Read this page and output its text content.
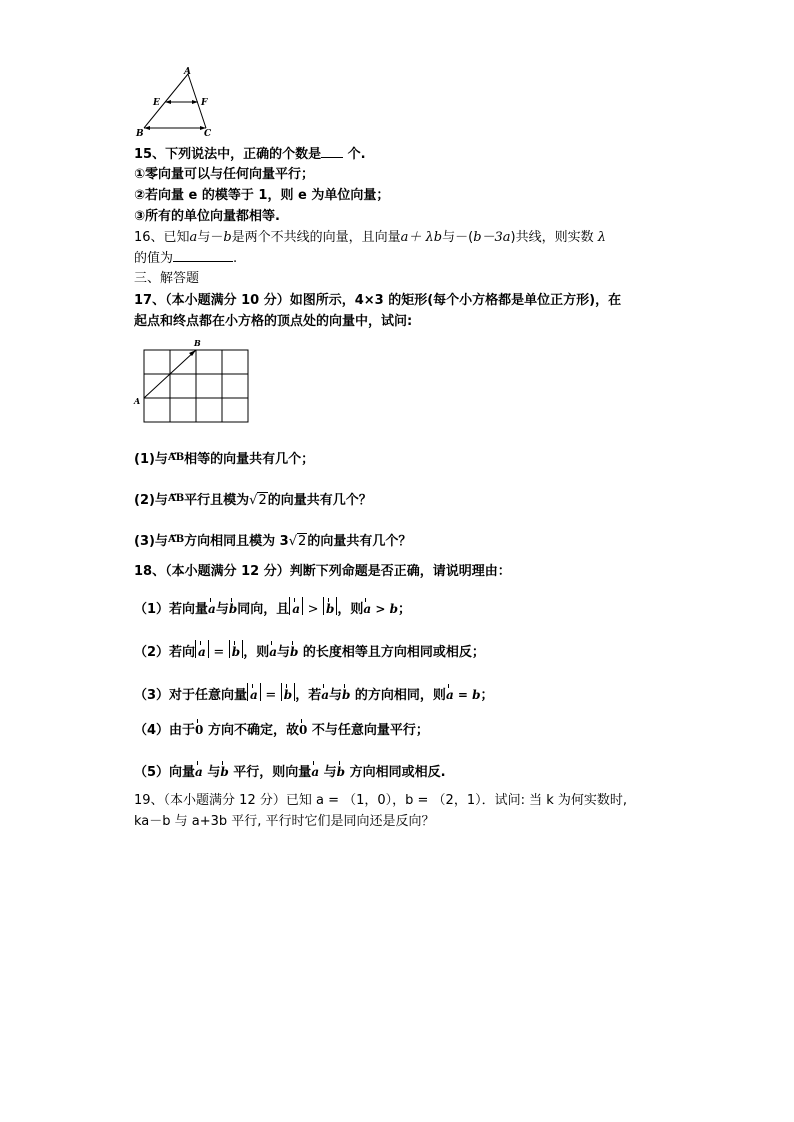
A
E	F
B	C
15、下列说法中，正确的个数是 个.
①零向量可以与任何向量平行；
②若向量 e 的模等于 1，则 e 为单位向量；
③所有的单位向量都相等.
16、已知a与－b是两个不共线的向量，且向量a＋ λb与－(b－3a)共线，则实数 λ
的值为	.
三、解答题
17、（本小题满分 10 分）如图所示，4×3 的矩形(每个小方格都是单位正方形)，在
起点和终点都在小方格的顶点处的向量中，试问:
A
B
(1)与→ $^{AB}$相等的向量共有几个；
(2)与→ $^{AB}$平行且模为√2的向量共有几个？
(3)与→ $^{AB}$方向相同且模为 3√2的向量共有几个？
18、（本小题满分 12 分）判断下列命题是否正确，请说明理由：
（1）若向量a与b同向，且 a > b ，则a > b；
（2）若向 a = b ，则a与b 的长度相等且方向相同或相反；
（3）对于任意向量 a = b ，若a与b 的方向相同，则a = b；
（4）由于0 方向不确定，故0 不与任意向量平行；
（5）向量a 与b 平行，则向量a 与b 方向相同或相反.
19、（本小题满分 12 分）已知 a = （1，0），b = （2，1）．试问: 当 k 为何实数时,
ka－b 与 a+3b 平行, 平行时它们是同向还是反向？
